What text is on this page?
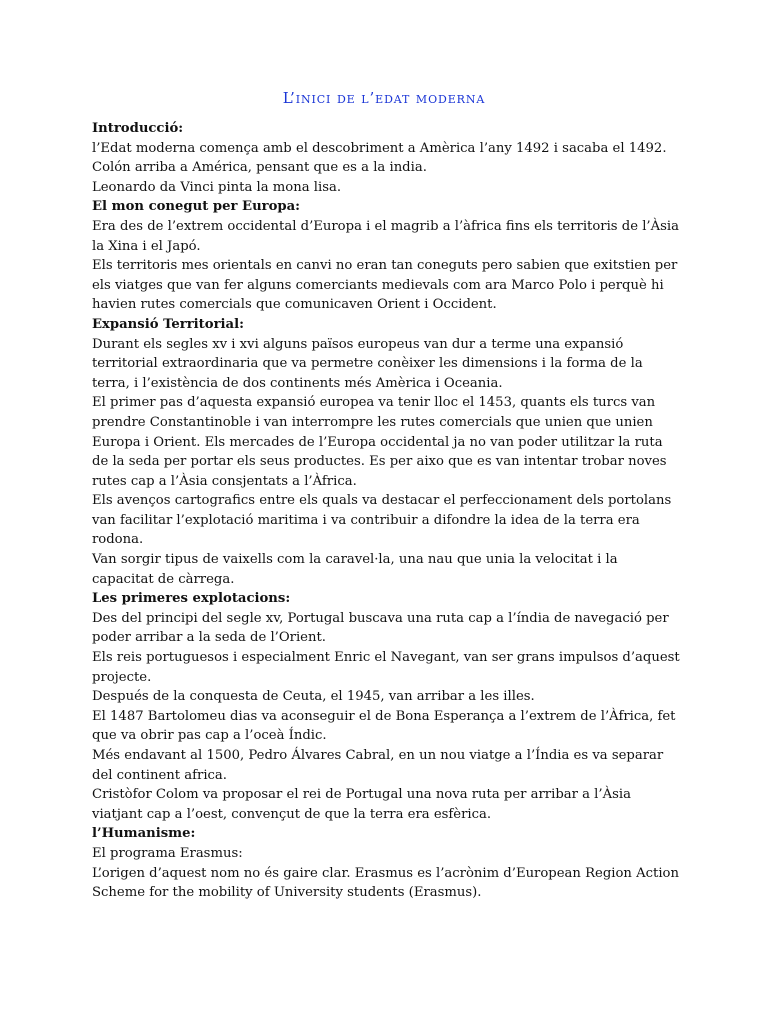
L’inici de l’edat moderna

Introducció:

l’Edat moderna comença amb el descobriment a Amèrica l’any 1492 i sacaba el 1492.

Colón arriba a América, pensant que es a la india.

Leonardo da Vinci pinta la mona lisa.

El mon conegut per Europa:

Era des de l’extrem occidental d’Europa i el magrib a l’àfrica fins els territoris de l’Àsia la Xina i el Japó.

Els territoris mes orientals en canvi no eran tan coneguts pero sabien que exitstien per els viatges que van fer alguns comerciants medievals com ara Marco Polo i perquè hi havien rutes comercials que comunicaven Orient i Occident.

Expansió Territorial:

Durant els segles xv i xvi alguns països europeus van dur a terme una expansió territorial extraordinaria que va permetre conèixer les dimensions i la forma de la terra, i l’existència de dos continents més Amèrica i Oceania.

El primer pas d’aquesta expansió europea va tenir lloc el 1453, quants els turcs van prendre Constantinoble i van interrompre les rutes comercials que unien que unien Europa i Orient. Els mercades de l’Europa occidental ja no van poder utilitzar la ruta de la seda per portar els seus productes. Es per aixo que es van intentar trobar noves rutes cap a l’Àsia consjentats a l’Àfrica.

Els avenços cartografics entre els quals va destacar el perfeccionament dels portolans van facilitar l’explotació maritima i va contribuir a difondre la idea de la terra era rodona.

Van sorgir tipus de vaixells com la caravel·la, una nau que unia la velocitat i la capacitat de càrrega.

Les primeres explotacions:

Des del principi del segle xv, Portugal buscava una ruta cap a l’índia de navegació per poder arribar a la seda de l’Orient.

Els reis portuguesos i especialment Enric el Navegant, van ser grans impulsos d’aquest projecte.

Después de la conquesta de Ceuta, el 1945, van arribar a les illes.

El 1487 Bartolomeu dias va aconseguir el de Bona Esperança a l’extrem de l’Àfrica, fet que va obrir pas cap a l’oceà Índic.

Més endavant al 1500, Pedro Álvares Cabral, en un nou viatge a l’Índia es va separar del continent africa.

Cristòfor Colom va proposar el rei de Portugal una nova ruta per arribar a l’Àsia viatjant cap a l’oest, convençut de que la terra era esfèrica.

l’Humanisme:

El programa Erasmus:

L’origen d’aquest nom no és gaire clar. Erasmus es l’acrònim d’European Region Action Scheme for the mobility of University students (Erasmus).
